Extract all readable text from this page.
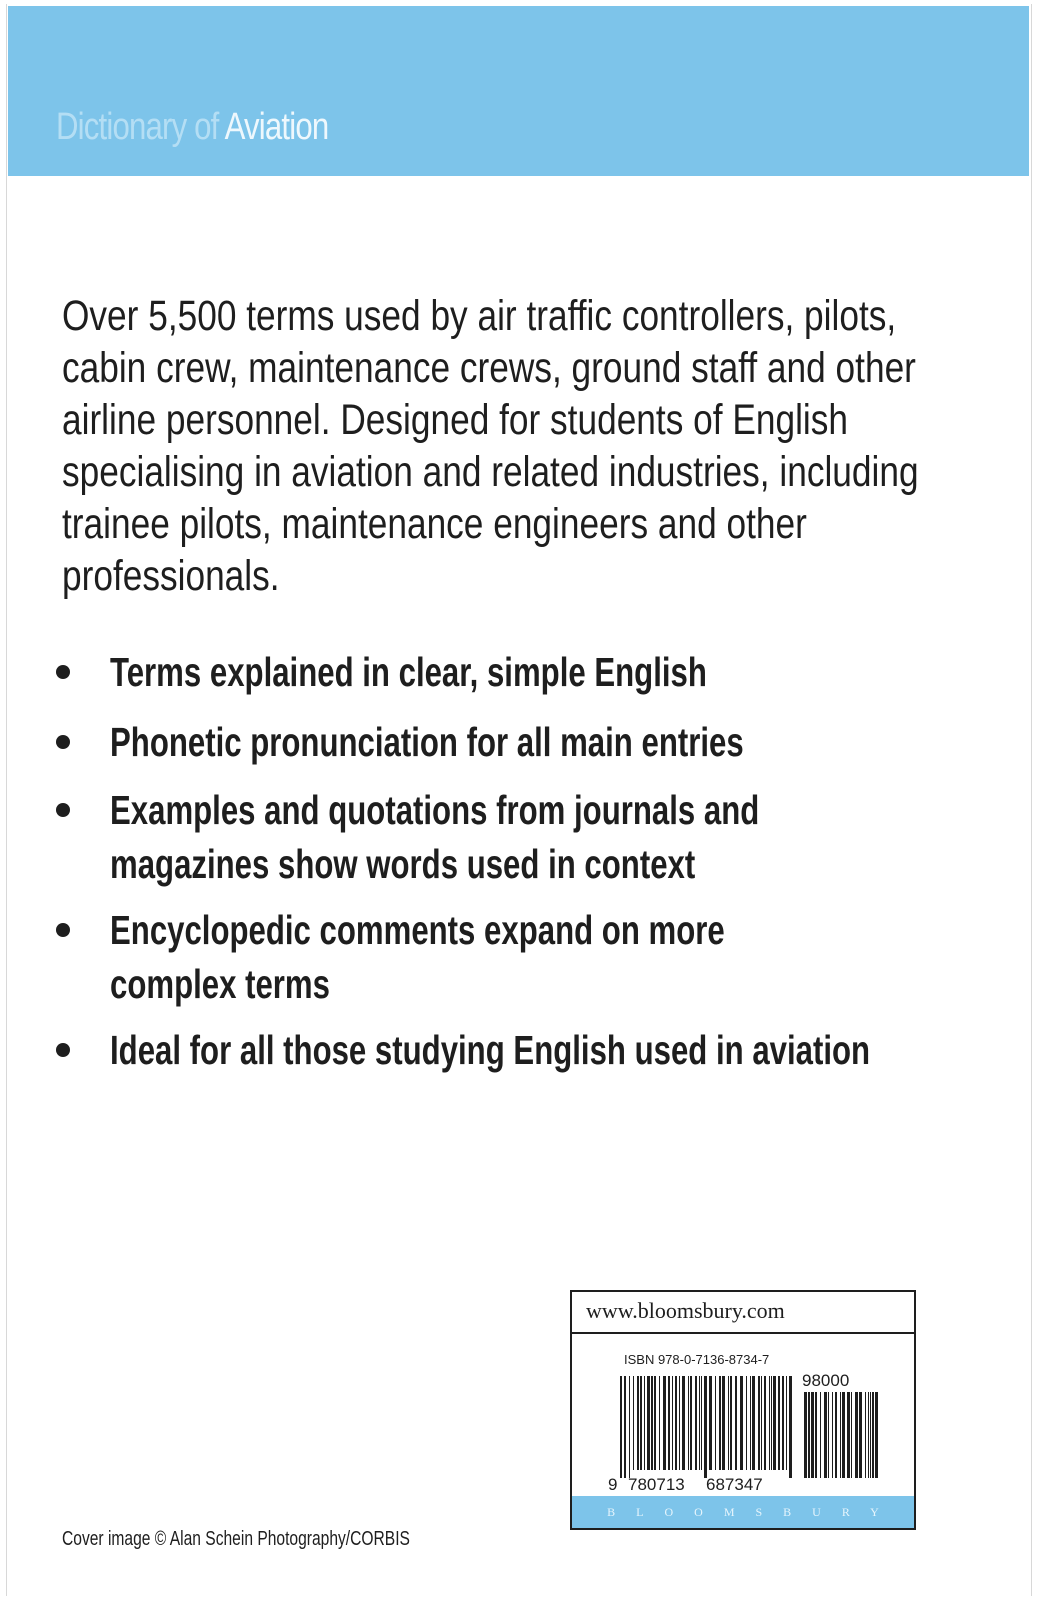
Dictionary of Aviation

Over 5,500 terms used by air traffic controllers, pilots, cabin crew, maintenance crews, ground staff and other airline personnel. Designed for students of English specialising in aviation and related industries, including trainee pilots, maintenance engineers and other professionals.

Terms explained in clear, simple English
Phonetic pronunciation for all main entries
Examples and quotations from journals and magazines show words used in context
Encyclopedic comments expand on more complex terms
Ideal for all those studying English used in aviation
Cover image © Alan Schein Photography/CORBIS
www.bloomsbury.com
ISBN 978-0-7136-8734-7
9 780713 687347
98000
BLOOMSBURY
